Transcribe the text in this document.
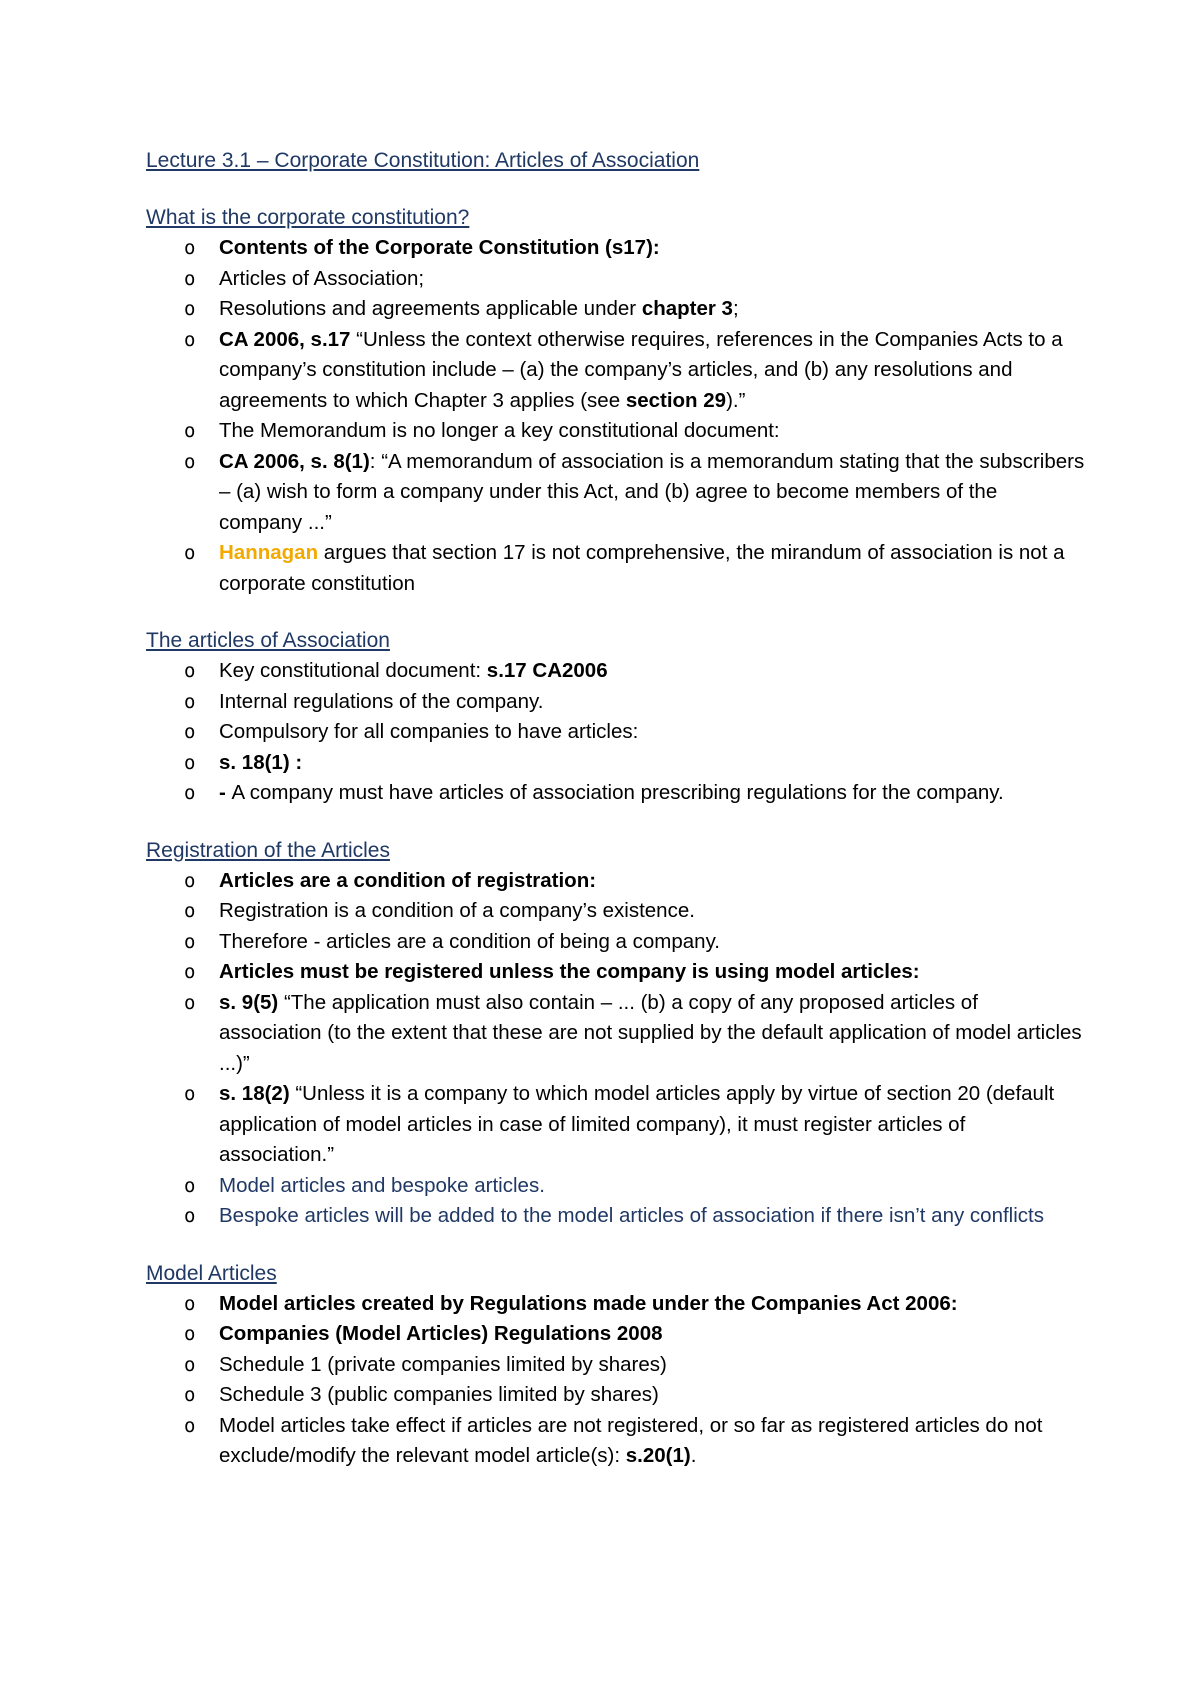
Lecture 3.1 – Corporate Constitution: Articles of Association
What is the corporate constitution?
o Contents of the Corporate Constitution (s17):
o Articles of Association;
o Resolutions and agreements applicable under chapter 3;
o CA 2006, s.17 “Unless the context otherwise requires, references in the Companies Acts to a company’s constitution include – (a) the company’s articles, and (b) any resolutions and agreements to which Chapter 3 applies (see section 29).”
o The Memorandum is no longer a key constitutional document:
o CA 2006, s. 8(1): “A memorandum of association is a memorandum stating that the subscribers – (a) wish to form a company under this Act, and (b) agree to become members of the company ...”
o Hannagan argues that section 17 is not comprehensive, the mirandum of association is not a corporate constitution
The articles of Association
o Key constitutional document: s.17 CA2006
o Internal regulations of the company.
o Compulsory for all companies to have articles:
o s. 18(1) :
o - A company must have articles of association prescribing regulations for the company.
Registration of the Articles
o Articles are a condition of registration:
o Registration is a condition of a company’s existence.
o Therefore - articles are a condition of being a company.
o Articles must be registered unless the company is using model articles:
o s. 9(5) “The application must also contain – ... (b) a copy of any proposed articles of association (to the extent that these are not supplied by the default application of model articles ...)”
o s. 18(2) “Unless it is a company to which model articles apply by virtue of section 20 (default application of model articles in case of limited company), it must register articles of association.”
o Model articles and bespoke articles.
o Bespoke articles will be added to the model articles of association if there isn’t any conflicts
Model Articles
o Model articles created by Regulations made under the Companies Act 2006:
o Companies (Model Articles) Regulations 2008
o Schedule 1 (private companies limited by shares)
o Schedule 3 (public companies limited by shares)
o Model articles take effect if articles are not registered, or so far as registered articles do not exclude/modify the relevant model article(s): s.20(1).
